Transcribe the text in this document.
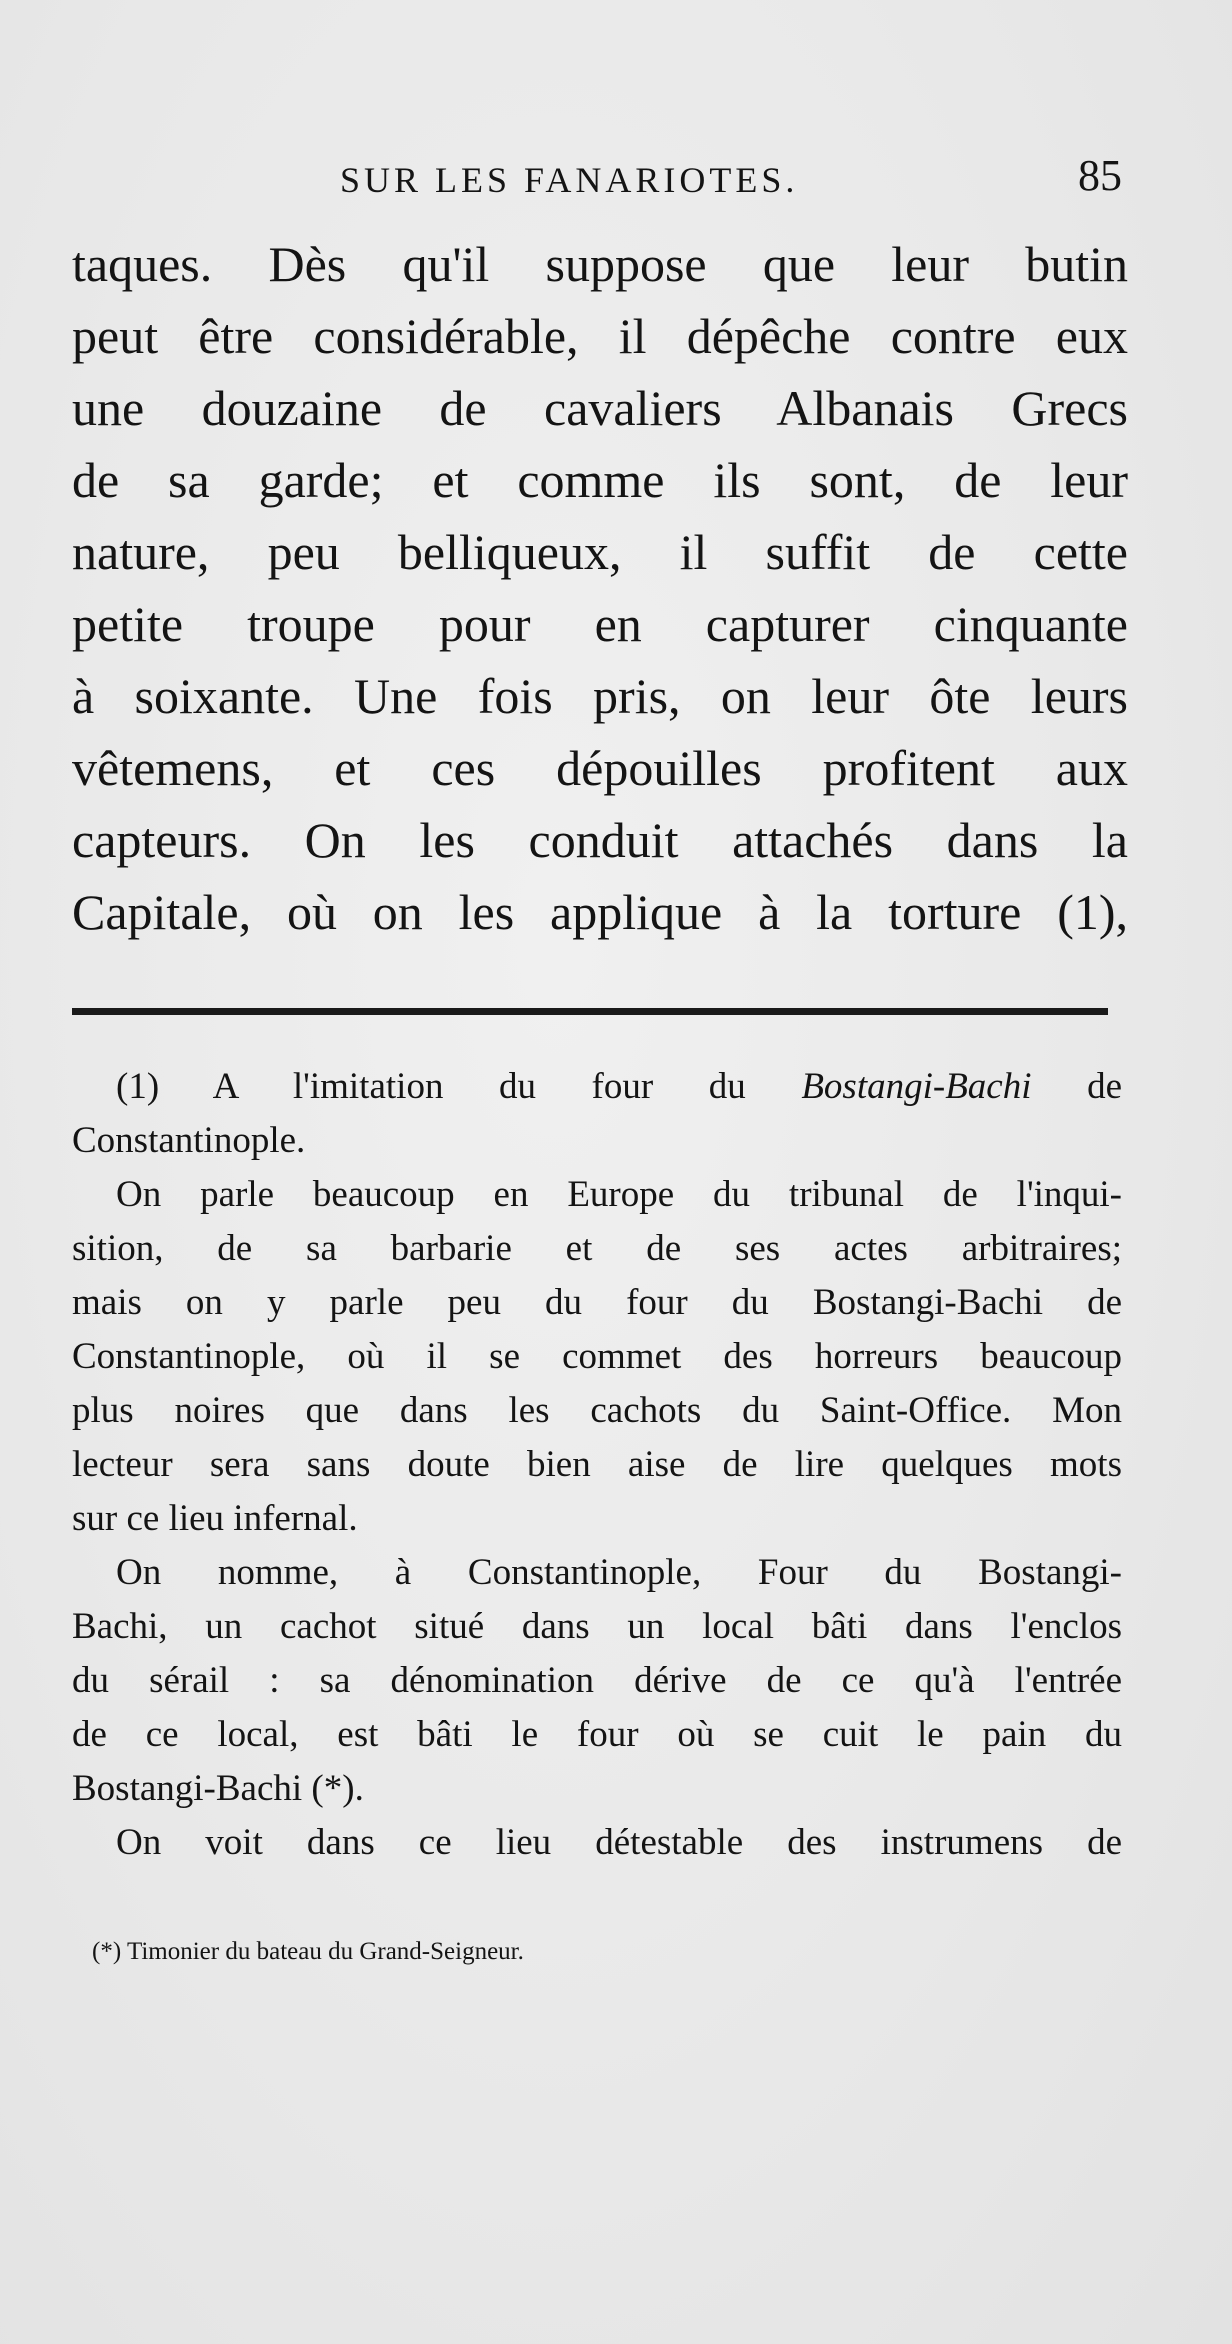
SUR LES FANARIOTES.	85
taques. Dès qu'il suppose que leur butin
peut être considérable, il dépêche contre eux
une douzaine de cavaliers Albanais Grecs
de sa garde; et comme ils sont, de leur
nature, peu belliqueux, il suffit de cette
petite troupe pour en capturer cinquante
à soixante. Une fois pris, on leur ôte leurs
vêtemens, et ces dépouilles profitent aux
capteurs. On les conduit attachés dans la
Capitale, où on les applique à la torture (1),
(1) A l'imitation du four du Bostangi-Bachi de
Constantinople.
On parle beaucoup en Europe du tribunal de l'inqui-
sition, de sa barbarie et de ses actes arbitraires;
mais on y parle peu du four du Bostangi-Bachi de
Constantinople, où il se commet des horreurs beaucoup
plus noires que dans les cachots du Saint-Office. Mon
lecteur sera sans doute bien aise de lire quelques mots
sur ce lieu infernal.
On nomme, à Constantinople, Four du Bostangi-
Bachi, un cachot situé dans un local bâti dans l'enclos
du sérail : sa dénomination dérive de ce qu'à l'entrée
de ce local, est bâti le four où se cuit le pain du
Bostangi-Bachi (*).
On voit dans ce lieu détestable des instrumens de
(*) Timonier du bateau du Grand-Seigneur.
